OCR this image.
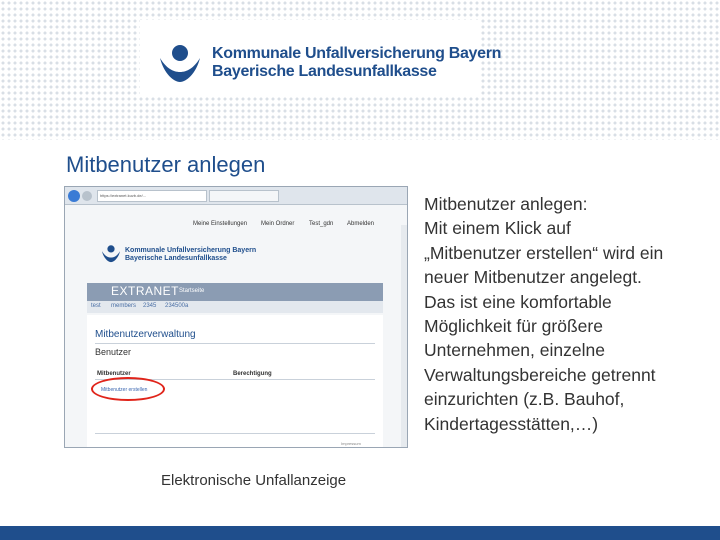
Kommunale Unfallversicherung Bayern
Bayerische Landesunfallkasse
Mitbenutzer anlegen
https://extranet.kuvb.de/...
Meine Einstellungen Mein Ordner Test_gdn Abmelden
Kommunale Unfallversicherung Bayern
Bayerische Landesunfallkasse
EXTRANET Startseite
test members 2345 234500a
Mitbenutzerverwaltung
Benutzer
Mitbenutzer	Berechtigung
Mitbenutzer erstellen
Impressum
Elektronische Unfallanzeige

Mitbenutzer anlegen:

Mit einem Klick auf

„Mitbenutzer erstellen“ wird ein

neuer Mitbenutzer angelegt.

Das ist eine komfortable

Möglichkeit für größere

Unternehmen, einzelne

Verwaltungsbereiche getrennt

einzurichten (z.B. Bauhof,

Kindertagesstätten,…)
